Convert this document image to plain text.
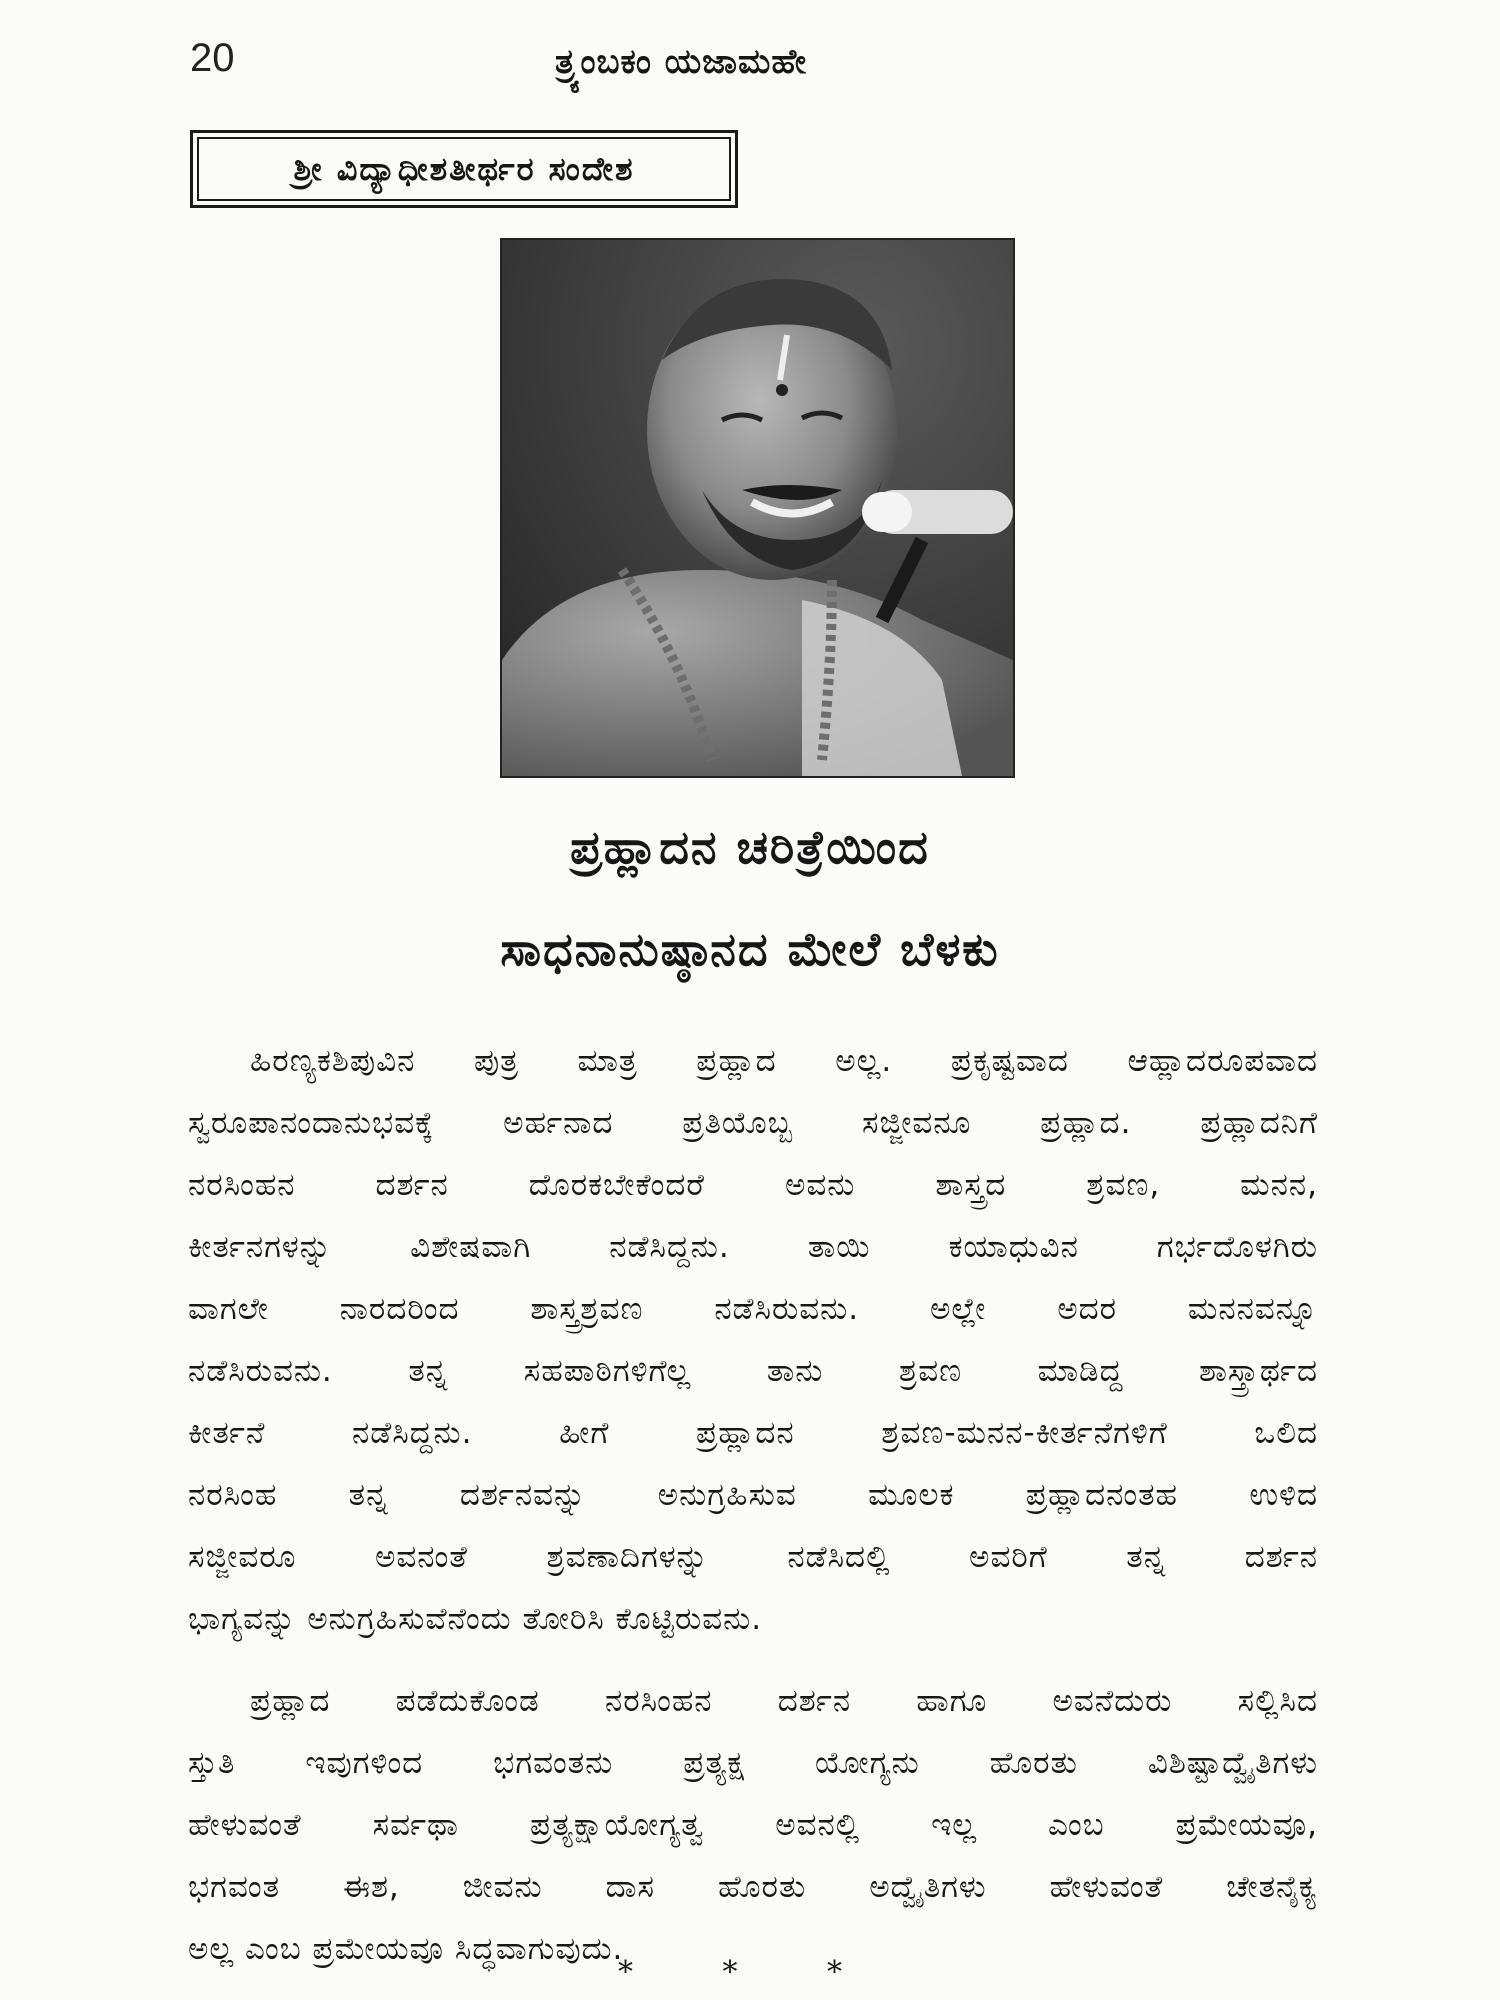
20	ತ್ರ್ಯಂಬಕಂ ಯಜಾಮಹೇ
ಶ್ರೀ ವಿದ್ಯಾಧೀಶತೀರ್ಥರ ಸಂದೇಶ
ಪ್ರಹ್ಲಾದನ ಚರಿತ್ರೆಯಿಂದ
ಸಾಧನಾನುಷ್ಠಾನದ ಮೇಲೆ ಬೆಳಕು
ಹಿರಣ್ಯಕಶಿಪುವಿನ ಪುತ್ರ ಮಾತ್ರ ಪ್ರಹ್ಲಾದ ಅಲ್ಲ. ಪ್ರಕೃಷ್ಟವಾದ ಆಹ್ಲಾದರೂಪವಾದ
ಸ್ವರೂಪಾನಂದಾನುಭವಕ್ಕೆ ಅರ್ಹನಾದ ಪ್ರತಿಯೊಬ್ಬ ಸಜ್ಜೀವನೂ ಪ್ರಹ್ಲಾದ. ಪ್ರಹ್ಲಾದನಿಗೆ
ನರಸಿಂಹನ ದರ್ಶನ ದೊರಕಬೇಕೆಂದರೆ ಅವನು ಶಾಸ್ತ್ರದ ಶ್ರವಣ, ಮನನ,
ಕೀರ್ತನಗಳನ್ನು ವಿಶೇಷವಾಗಿ ನಡೆಸಿದ್ದನು. ತಾಯಿ ಕಯಾಧುವಿನ ಗರ್ಭದೊಳಗಿರು
ವಾಗಲೇ ನಾರದರಿಂದ ಶಾಸ್ತ್ರಶ್ರವಣ ನಡೆಸಿರುವನು. ಅಲ್ಲೇ ಅದರ ಮನನವನ್ನೂ
ನಡೆಸಿರುವನು. ತನ್ನ ಸಹಪಾಠಿಗಳಿಗೆಲ್ಲ ತಾನು ಶ್ರವಣ ಮಾಡಿದ್ದ ಶಾಸ್ತ್ರಾರ್ಥದ
ಕೀರ್ತನೆ ನಡೆಸಿದ್ದನು. ಹೀಗೆ ಪ್ರಹ್ಲಾದನ ಶ್ರವಣ-ಮನನ-ಕೀರ್ತನೆಗಳಿಗೆ ಒಲಿದ
ನರಸಿಂಹ ತನ್ನ ದರ್ಶನವನ್ನು ಅನುಗ್ರಹಿಸುವ ಮೂಲಕ ಪ್ರಹ್ಲಾದನಂತಹ ಉಳಿದ
ಸಜ್ಜೀವರೂ ಅವನಂತೆ ಶ್ರವಣಾದಿಗಳನ್ನು ನಡೆಸಿದಲ್ಲಿ ಅವರಿಗೆ ತನ್ನ ದರ್ಶನ
ಭಾಗ್ಯವನ್ನು ಅನುಗ್ರಹಿಸುವೆನೆಂದು ತೋರಿಸಿ ಕೊಟ್ಟಿರುವನು.
ಪ್ರಹ್ಲಾದ ಪಡೆದುಕೊಂಡ ನರಸಿಂಹನ ದರ್ಶನ ಹಾಗೂ ಅವನೆದುರು ಸಲ್ಲಿಸಿದ
ಸ್ತುತಿ ಇವುಗಳಿಂದ ಭಗವಂತನು ಪ್ರತ್ಯಕ್ಷ ಯೋಗ್ಯನು ಹೊರತು ವಿಶಿಷ್ಟಾದ್ವೈತಿಗಳು
ಹೇಳುವಂತೆ ಸರ್ವಥಾ ಪ್ರತ್ಯಕ್ಷಾಯೋಗ್ಯತ್ವ ಅವನಲ್ಲಿ ಇಲ್ಲ ಎಂಬ ಪ್ರಮೇಯವೂ,
ಭಗವಂತ ಈಶ, ಜೀವನು ದಾಸ ಹೊರತು ಅದ್ವೈತಿಗಳು ಹೇಳುವಂತೆ ಚೇತನೈಕ್ಯ
ಅಲ್ಲ ಎಂಬ ಪ್ರಮೇಯವೂ ಸಿದ್ಧವಾಗುವುದು.
* * *
